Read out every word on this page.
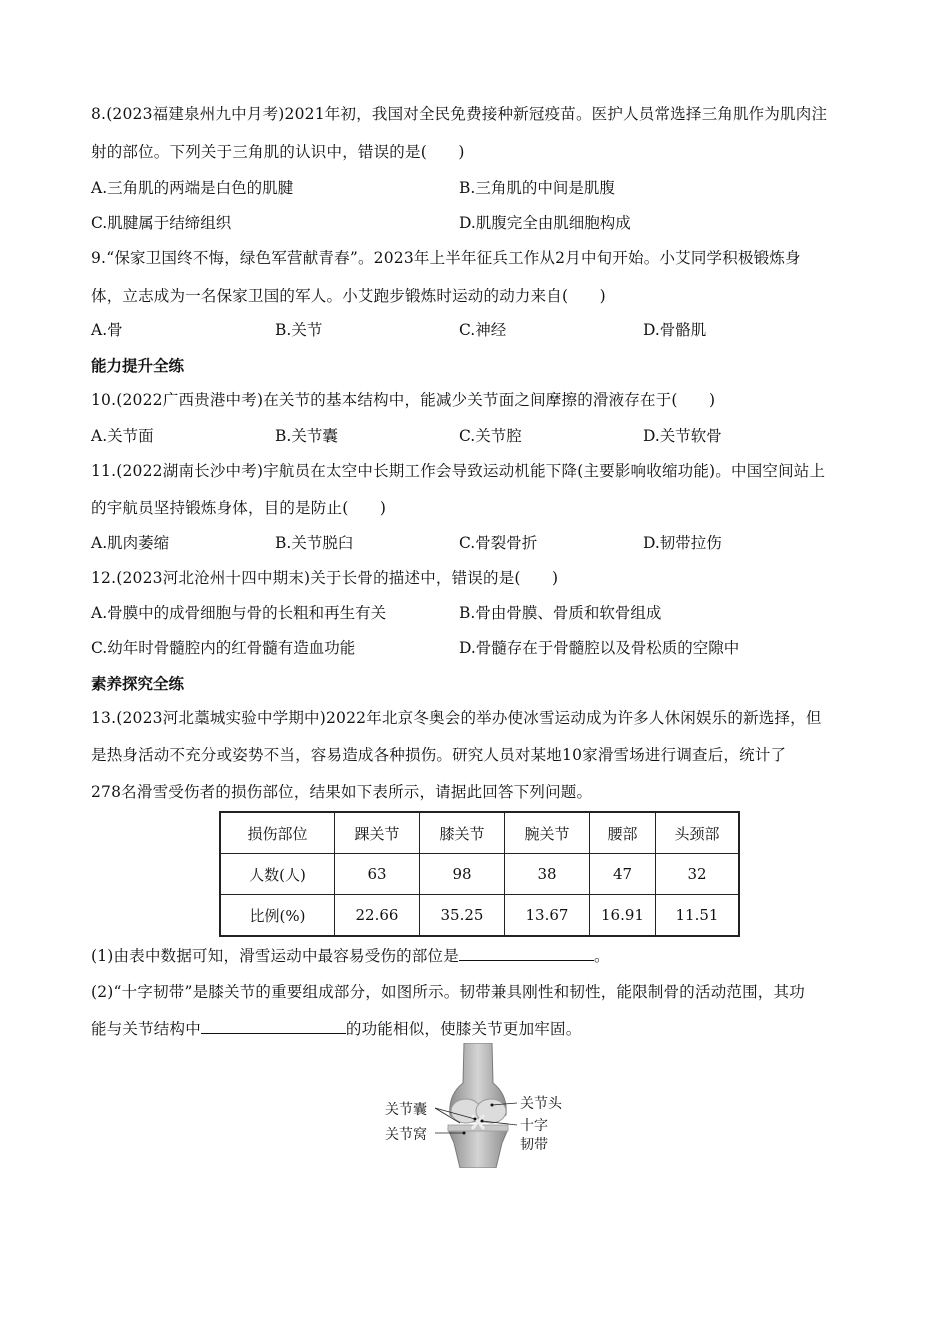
8.(2023福建泉州九中月考)2021年初，我国对全民免费接种新冠疫苗。医护人员常选择三角肌作为肌肉注
射的部位。下列关于三角肌的认识中，错误的是(　　)
A.三角肌的两端是白色的肌腱	B.三角肌的中间是肌腹
C.肌腱属于结缔组织	D.肌腹完全由肌细胞构成
9.“保家卫国终不悔，绿色军营献青春”。2023年上半年征兵工作从2月中旬开始。小艾同学积极锻炼身
体，立志成为一名保家卫国的军人。小艾跑步锻炼时运动的动力来自(　　)
A.骨	B.关节	C.神经	D.骨骼肌
能力提升全练
10.(2022广西贵港中考)在关节的基本结构中，能减少关节面之间摩擦的滑液存在于(　　)
A.关节面	B.关节囊	C.关节腔	D.关节软骨
11.(2022湖南长沙中考)宇航员在太空中长期工作会导致运动机能下降(主要影响收缩功能)。中国空间站上
的宇航员坚持锻炼身体，目的是防止(　　)
A.肌肉萎缩	B.关节脱臼	C.骨裂骨折	D.韧带拉伤
12.(2023河北沧州十四中期末)关于长骨的描述中，错误的是(　　)
A.骨膜中的成骨细胞与骨的长粗和再生有关	B.骨由骨膜、骨质和软骨组成
C.幼年时骨髓腔内的红骨髓有造血功能	D.骨髓存在于骨髓腔以及骨松质的空隙中
素养探究全练
13.(2023河北藁城实验中学期中)2022年北京冬奥会的举办使冰雪运动成为许多人休闲娱乐的新选择，但
是热身活动不充分或姿势不当，容易造成各种损伤。研究人员对某地10家滑雪场进行调查后，统计了
278名滑雪受伤者的损伤部位，结果如下表所示，请据此回答下列问题。
损伤部位	踝关节	膝关节	腕关节	腰部	头颈部
人数(人)	63	98	38	47	32
比例(%)	22.66	35.25	13.67	16.91	11.51
(1)由表中数据可知，滑雪运动中最容易受伤的部位是	。
(2)“十字韧带”是膝关节的重要组成部分，如图所示。韧带兼具刚性和韧性，能限制骨的活动范围，其功
能与关节结构中	的功能相似，使膝关节更加牢固。
关节囊
关节窝
关节头
十字
韧带
